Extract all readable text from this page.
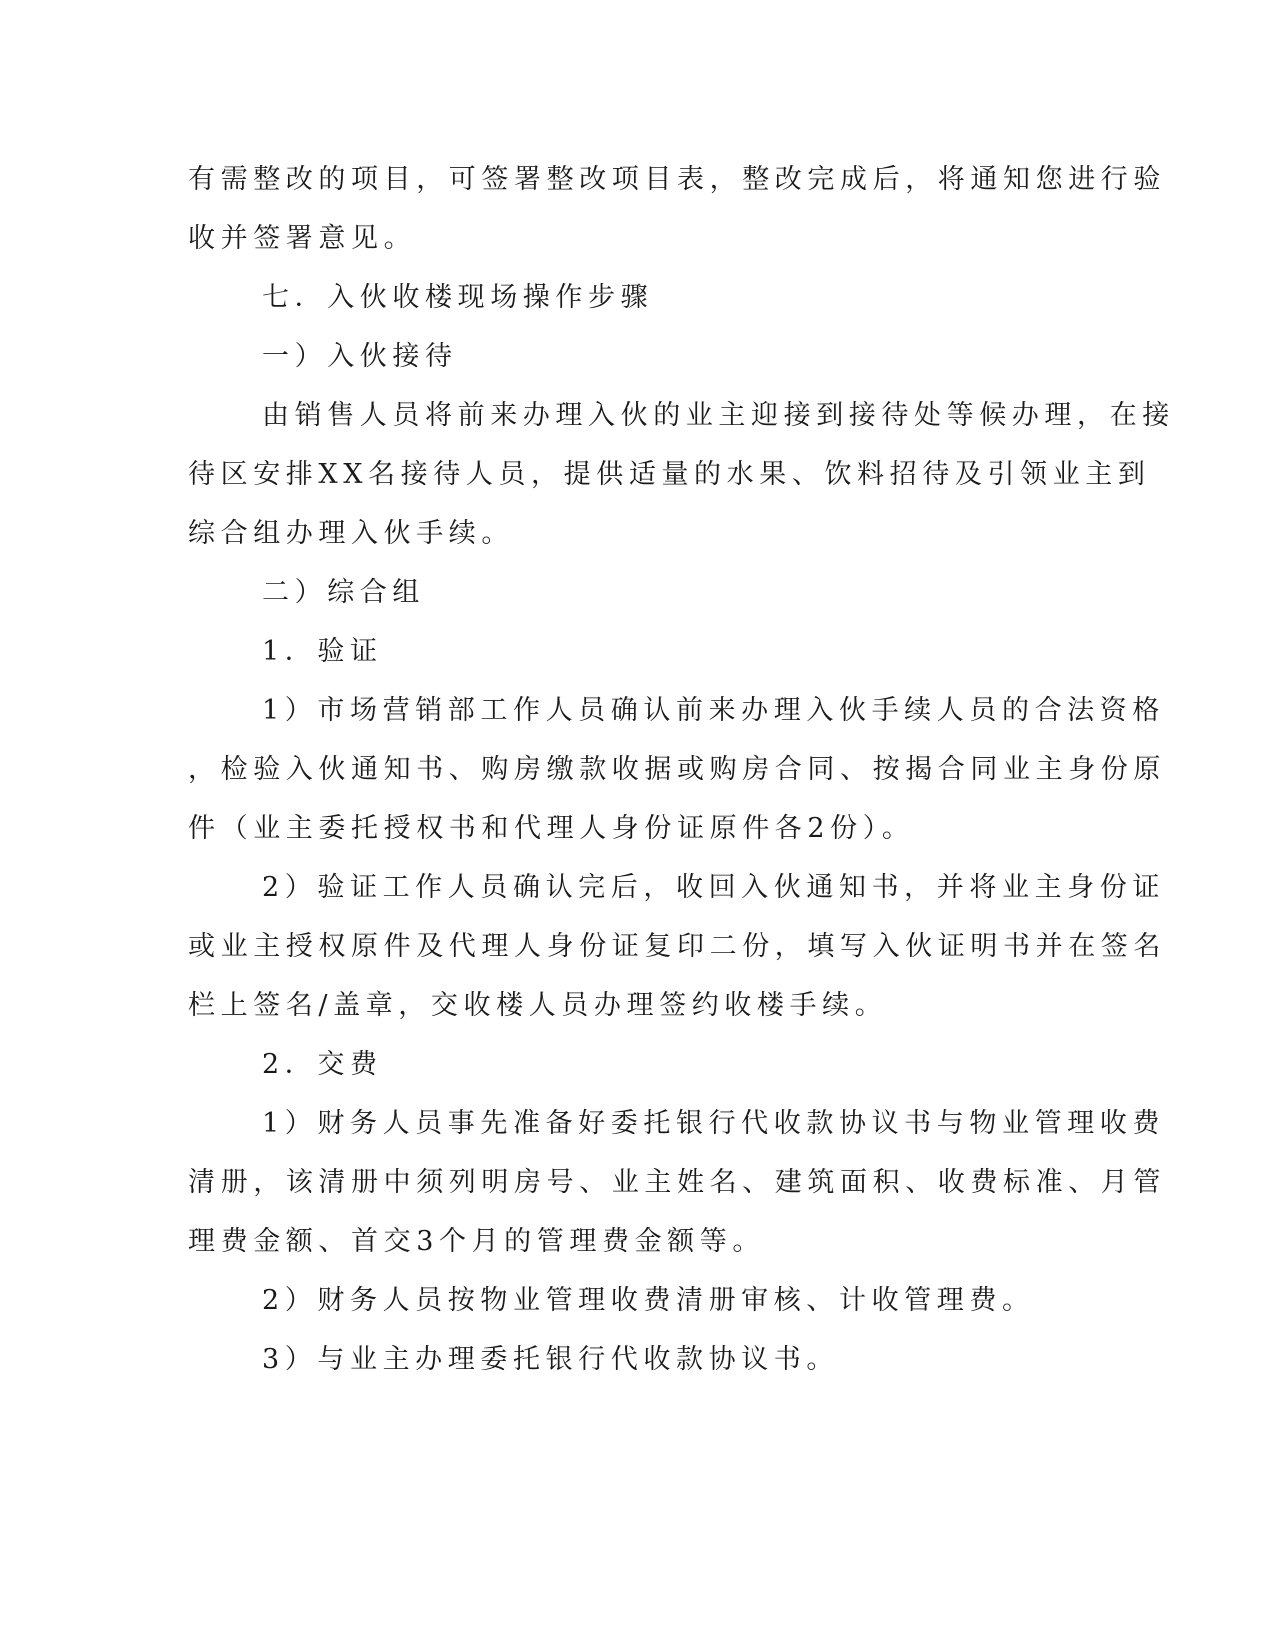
有需整改的项目，可签署整改项目表，整改完成后，将通知您进行验
收并签署意见。
七．入伙收楼现场操作步骤
一）入伙接待
由销售人员将前来办理入伙的业主迎接到接待处等候办理，在接
待区安排XX名接待人员，提供适量的水果、饮料招待及引领业主到
综合组办理入伙手续。
二）综合组
1．验证
1）市场营销部工作人员确认前来办理入伙手续人员的合法资格
，检验入伙通知书、购房缴款收据或购房合同、按揭合同业主身份原
件（业主委托授权书和代理人身份证原件各2份）。
2）验证工作人员确认完后，收回入伙通知书，并将业主身份证
或业主授权原件及代理人身份证复印二份，填写入伙证明书并在签名
栏上签名/盖章，交收楼人员办理签约收楼手续。
2．交费
1）财务人员事先准备好委托银行代收款协议书与物业管理收费
清册，该清册中须列明房号、业主姓名、建筑面积、收费标准、月管
理费金额、首交3个月的管理费金额等。
2）财务人员按物业管理收费清册审核、计收管理费。
3）与业主办理委托银行代收款协议书。
